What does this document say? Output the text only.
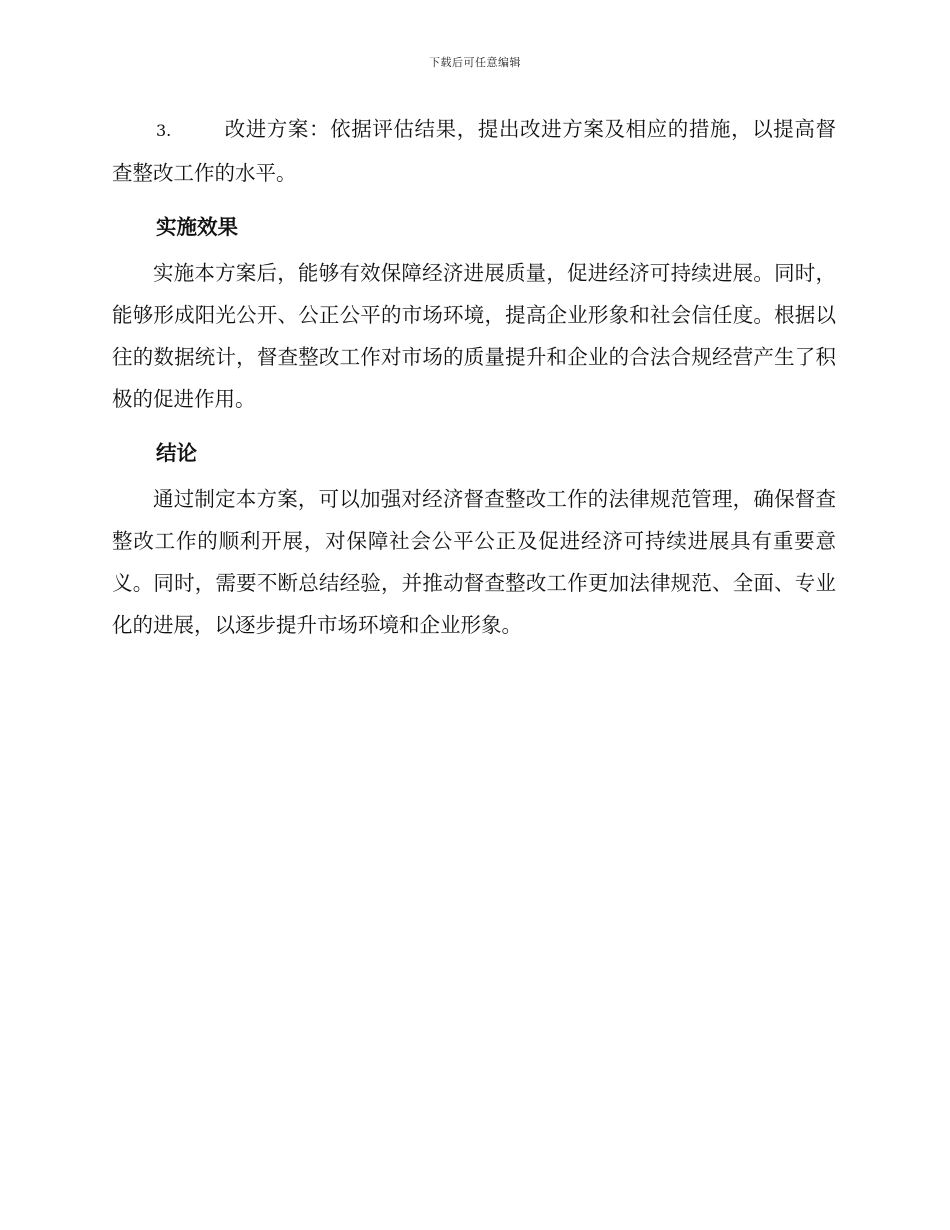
下载后可任意编辑

3.	改进方案：依据评估结果，提出改进方案及相应的措施，以提高督查整改工作的水平。

实施效果

实施本方案后，能够有效保障经济进展质量，促进经济可持续进展。同时，能够形成阳光公开、公正公平的市场环境，提高企业形象和社会信任度。根据以往的数据统计，督查整改工作对市场的质量提升和企业的合法合规经营产生了积极的促进作用。

结论

通过制定本方案，可以加强对经济督查整改工作的法律规范管理，确保督查整改工作的顺利开展，对保障社会公平公正及促进经济可持续进展具有重要意义。同时，需要不断总结经验，并推动督查整改工作更加法律规范、全面、专业化的进展，以逐步提升市场环境和企业形象。
